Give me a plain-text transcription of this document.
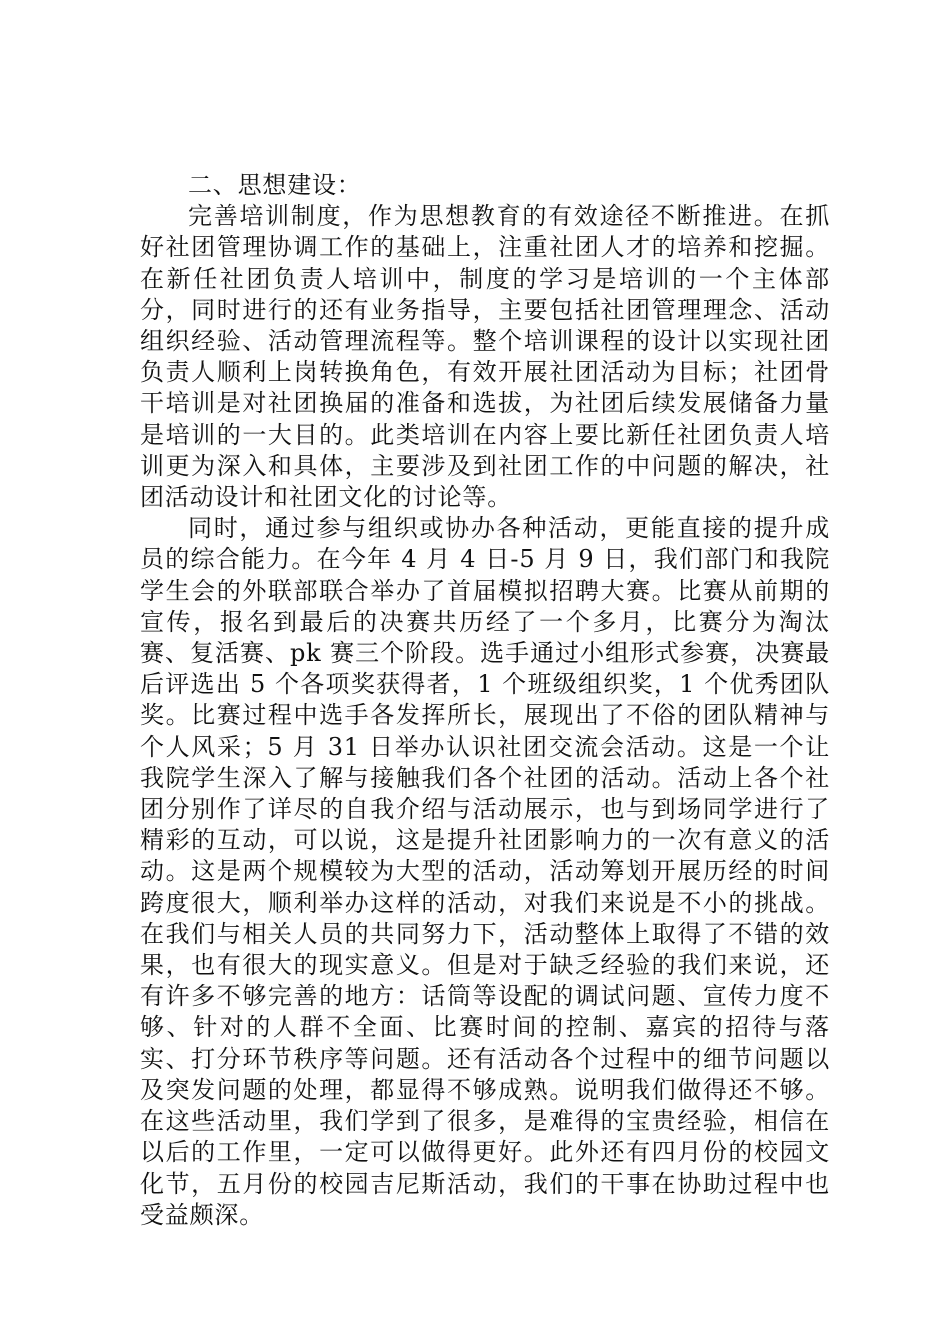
二、思想建设：

完善培训制度，作为思想教育的有效途径不断推进。在抓好社团管理协调工作的基础上，注重社团人才的培养和挖掘。在新任社团负责人培训中，制度的学习是培训的一个主体部分，同时进行的还有业务指导，主要包括社团管理理念、活动组织经验、活动管理流程等。整个培训课程的设计以实现社团负责人顺利上岗转换角色，有效开展社团活动为目标；社团骨干培训是对社团换届的准备和选拔，为社团后续发展储备力量是培训的一大目的。此类培训在内容上要比新任社团负责人培训更为深入和具体，主要涉及到社团工作的中问题的解决，社团活动设计和社团文化的讨论等。

同时，通过参与组织或协办各种活动，更能直接的提升成员的综合能力。在今年 4 月 4 日-5 月 9 日，我们部门和我院学生会的外联部联合举办了首届模拟招聘大赛。比赛从前期的宣传，报名到最后的决赛共历经了一个多月，比赛分为淘汰赛、复活赛、pk 赛三个阶段。选手通过小组形式参赛，决赛最后评选出 5 个各项奖获得者，1 个班级组织奖，1 个优秀团队奖。比赛过程中选手各发挥所长，展现出了不俗的团队精神与个人风采；5 月 31 日举办认识社团交流会活动。这是一个让我院学生深入了解与接触我们各个社团的活动。活动上各个社团分别作了详尽的自我介绍与活动展示，也与到场同学进行了精彩的互动，可以说，这是提升社团影响力的一次有意义的活动。这是两个规模较为大型的活动，活动筹划开展历经的时间跨度很大，顺利举办这样的活动，对我们来说是不小的挑战。在我们与相关人员的共同努力下，活动整体上取得了不错的效果，也有很大的现实意义。但是对于缺乏经验的我们来说，还有许多不够完善的地方：话筒等设配的调试问题、宣传力度不够、针对的人群不全面、比赛时间的控制、嘉宾的招待与落实、打分环节秩序等问题。还有活动各个过程中的细节问题以及突发问题的处理，都显得不够成熟。说明我们做得还不够。在这些活动里，我们学到了很多，是难得的宝贵经验，相信在以后的工作里，一定可以做得更好。此外还有四月份的校园文化节，五月份的校园吉尼斯活动，我们的干事在协助过程中也受益颇深。
